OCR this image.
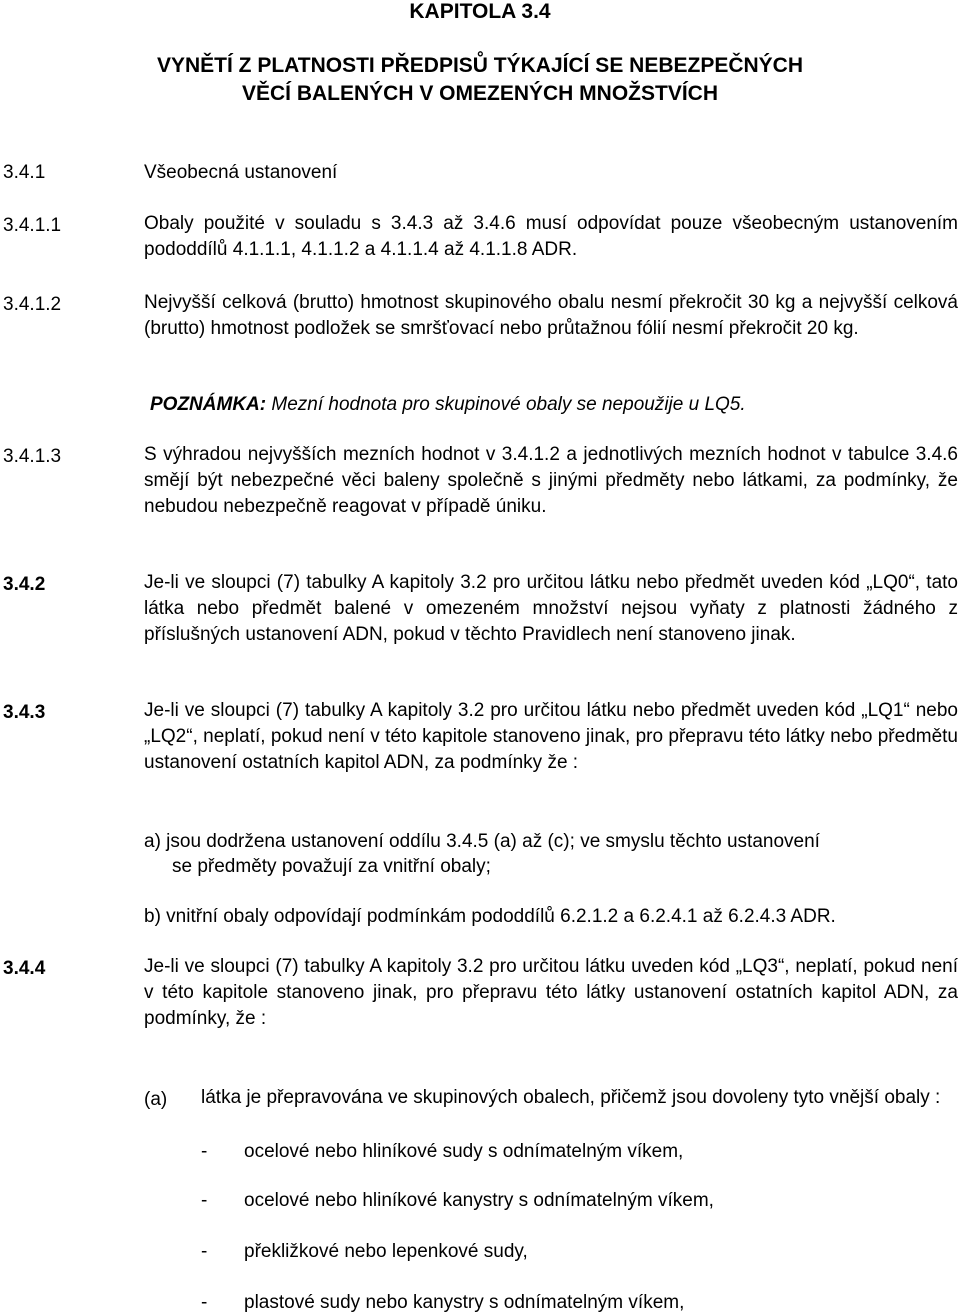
KAPITOLA 3.4
VYNĚTÍ Z PLATNOSTI PŘEDPISŮ TÝKAJÍCÍ SE NEBEZPEČNÝCH
VĚCÍ BALENÝCH V OMEZENÝCH MNOŽSTVÍCH
3.4.1	Všeobecná ustanovení
3.4.1.1	Obaly použité v souladu s 3.4.3 až 3.4.6 musí odpovídat pouze všeobecným ustanovením pododdílů 4.1.1.1, 4.1.1.2 a 4.1.1.4 až 4.1.1.8 ADR.
3.4.1.2	Nejvyšší celková (brutto) hmotnost skupinového obalu nesmí překročit 30 kg a nejvyšší celková (brutto) hmotnost podložek se smršťovací nebo průtažnou fólií nesmí překročit 20 kg.
POZNÁMKA: Mezní hodnota pro skupinové obaly se nepoužije u LQ5.
3.4.1.3	S výhradou nejvyšších mezních hodnot v 3.4.1.2 a jednotlivých mezních hodnot v tabulce 3.4.6 smějí být nebezpečné věci baleny společně s jinými předměty nebo látkami, za podmínky, že nebudou nebezpečně reagovat v případě úniku.
3.4.2	Je-li ve sloupci (7) tabulky A kapitoly 3.2 pro určitou látku nebo předmět uveden kód „LQ0“, tato látka nebo předmět balené v omezeném množství nejsou vyňaty z platnosti žádného z příslušných ustanovení ADN, pokud v těchto Pravidlech není stanoveno jinak.
3.4.3	Je-li ve sloupci (7) tabulky A kapitoly 3.2 pro určitou látku nebo předmět uveden kód „LQ1“ nebo „LQ2“, neplatí, pokud není v této kapitole stanoveno jinak, pro přepravu této látky nebo předmětu ustanovení ostatních kapitol ADN, za podmínky že :
a) jsou dodržena ustanovení oddílu 3.4.5 (a) až (c); ve smyslu těchto ustanovení
se předměty považují za vnitřní obaly;
b) vnitřní obaly odpovídají podmínkám pododdílů 6.2.1.2 a 6.2.4.1 až 6.2.4.3 ADR.
3.4.4	Je-li ve sloupci (7) tabulky A kapitoly 3.2 pro určitou látku uveden kód „LQ3“, neplatí, pokud není v této kapitole stanoveno jinak, pro přepravu této látky ustanovení ostatních kapitol ADN, za podmínky, že :
(a) látka je přepravována ve skupinových obalech, přičemž jsou dovoleny tyto vnější obaly :
- ocelové nebo hliníkové sudy s odnímatelným víkem,
- ocelové nebo hliníkové kanystry s odnímatelným víkem,
- překližkové nebo lepenkové sudy,
- plastové sudy nebo kanystry s odnímatelným víkem,
